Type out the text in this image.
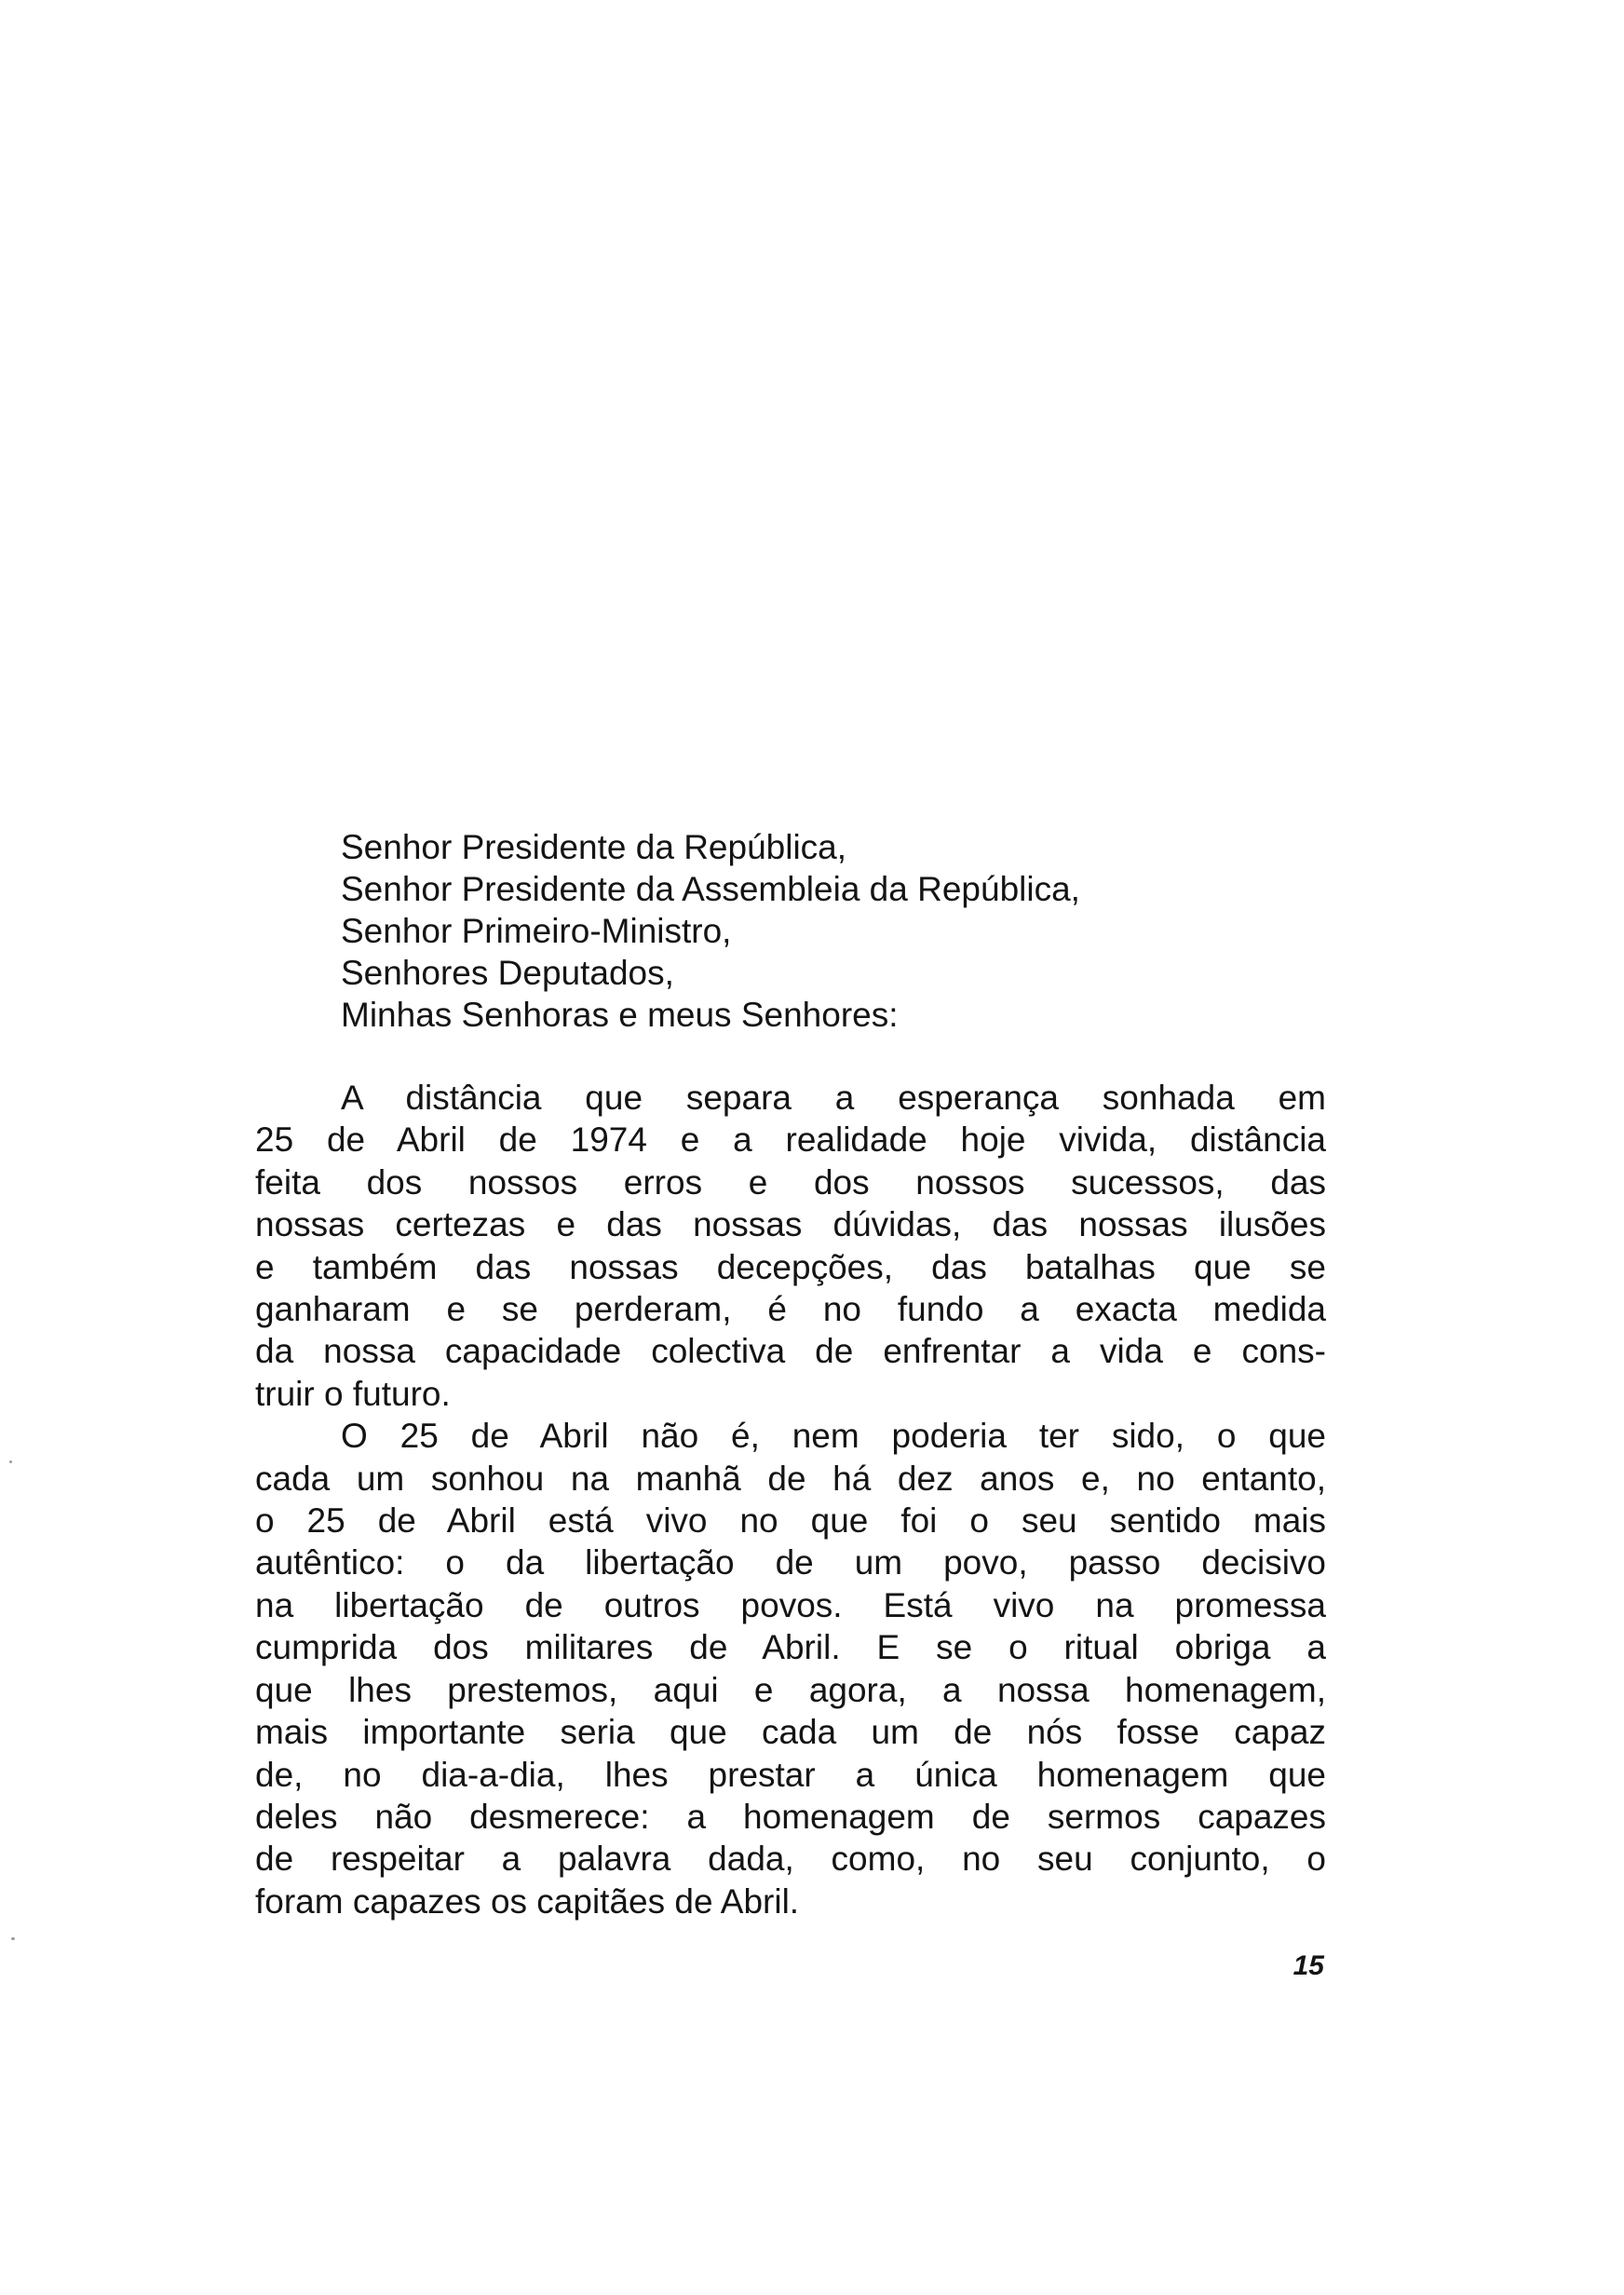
Senhor Presidente da República,
Senhor Presidente da Assembleia da República,
Senhor Primeiro-Ministro,
Senhores Deputados,
Minhas Senhoras e meus Senhores:
A distância que separa a esperança sonhada em
25 de Abril de 1974 e a realidade hoje vivida, distância
feita dos nossos erros e dos nossos sucessos, das
nossas certezas e das nossas dúvidas, das nossas ilusões
e também das nossas decepções, das batalhas que se
ganharam e se perderam, é no fundo a exacta medida
da nossa capacidade colectiva de enfrentar a vida e cons-
truir o futuro.
O 25 de Abril não é, nem poderia ter sido, o que
cada um sonhou na manhã de há dez anos e, no entanto,
o 25 de Abril está vivo no que foi o seu sentido mais
autêntico: o da libertação de um povo, passo decisivo
na libertação de outros povos. Está vivo na promessa
cumprida dos militares de Abril. E se o ritual obriga a
que lhes prestemos, aqui e agora, a nossa homenagem,
mais importante seria que cada um de nós fosse capaz
de, no dia-a-dia, lhes prestar a única homenagem que
deles não desmerece: a homenagem de sermos capazes
de respeitar a palavra dada, como, no seu conjunto, o
foram capazes os capitães de Abril.
15
